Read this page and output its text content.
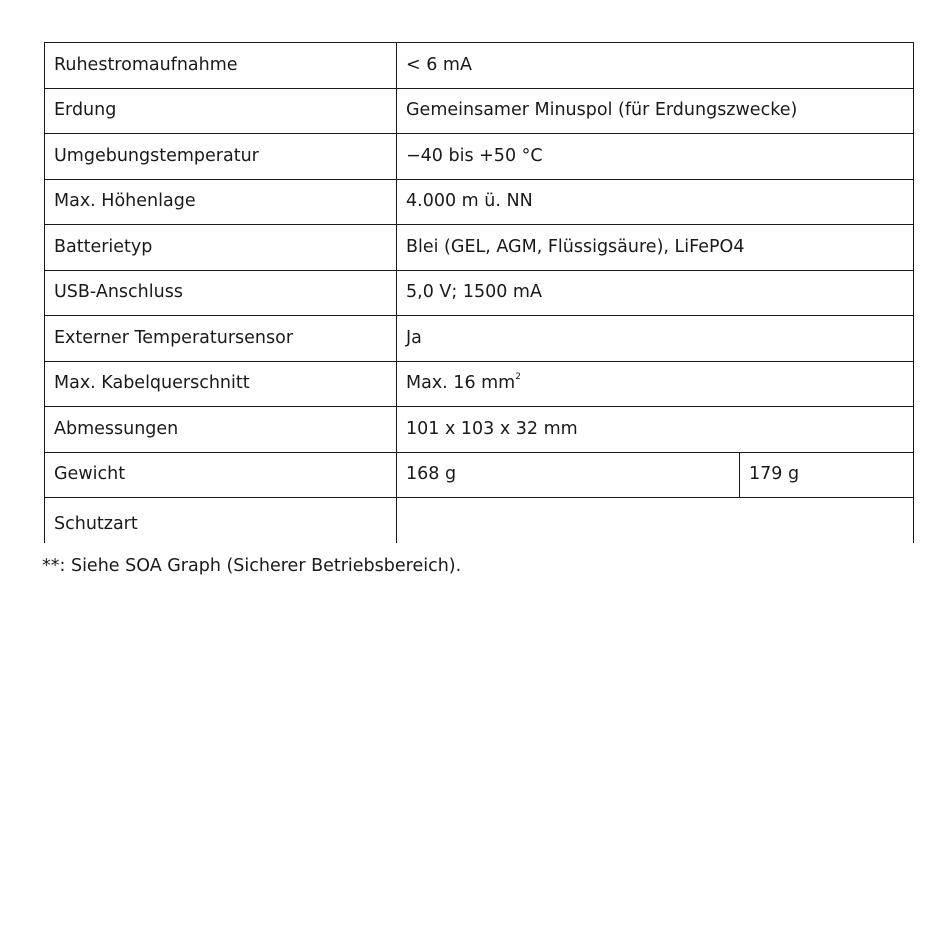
Ruhestromaufnahme	< 6 mA	
Erdung	Gemeinsamer Minuspol (für Erdungszwecke)	
Umgebungstemperatur	−40 bis +50 °C	
Max. Höhenlage	4.000 m ü. NN	
Batterietyp	Blei (GEL, AGM, Flüssigsäure), LiFePO4	
USB-Anschluss	5,0 V; 1500 mA	
Externer Temperatursensor	Ja	
Max. Kabelquerschnitt	Max. 16 $mm^2$
Abmessungen	101 x 103 x 32 mm	
Gewicht	168 g	179 g
Schutzart		
**: Siehe SOA Graph (Sicherer Betriebsbereich).
